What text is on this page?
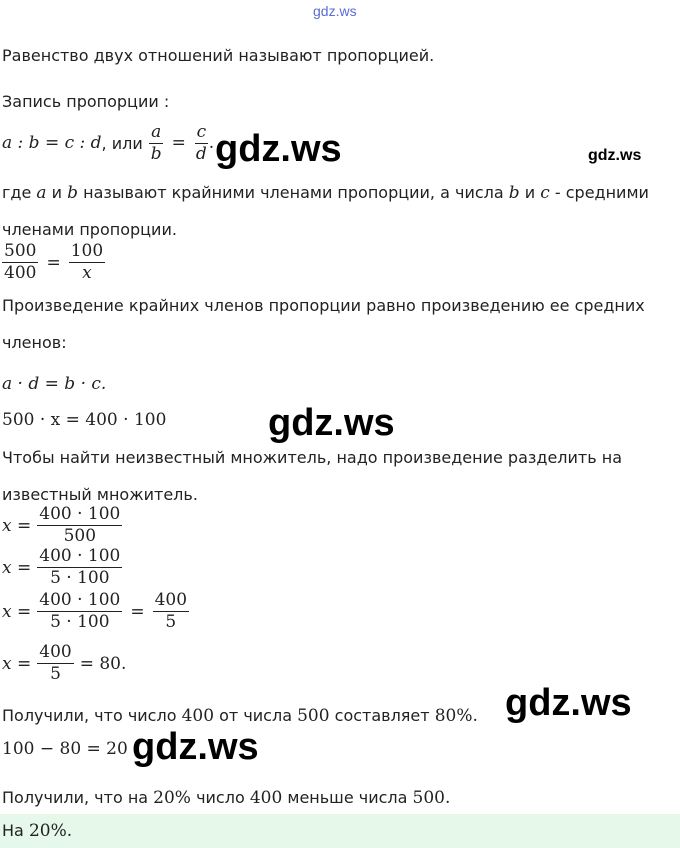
gdz.ws
Равенство двух отношений называют пропорцией.
Запись пропорции :
a : b = c : d , или $\frac{a}{b} = \frac{c}{d}$ . gdz.ws	gdz.ws
где a и b называют крайними членами пропорции, а числа b и c - средними
членами пропорции.
$\frac{500}{400} = \frac{100}{x}$
Произведение крайних членов пропорции равно произведению ее средних
членов:
a · d = b · c.
500 · x = 400 · 100	gdz.ws
Чтобы найти неизвестный множитель, надо произведение разделить на
известный множитель.
$x = \frac{400 \cdot 100}{500}$
$x = \frac{400 \cdot 100}{5 \cdot 100}$
$x = \frac{400 \cdot 100}{5 \cdot 100} = \frac{400}{5}$
$x = \frac{400}{5} = 80$.
gdz.ws
Получили, что число 400 от числа 500 составляет 80%.
100 − 80 = 20 gdz.ws
Получили, что на 20% число 400 меньше числа 500.
На 20%.
